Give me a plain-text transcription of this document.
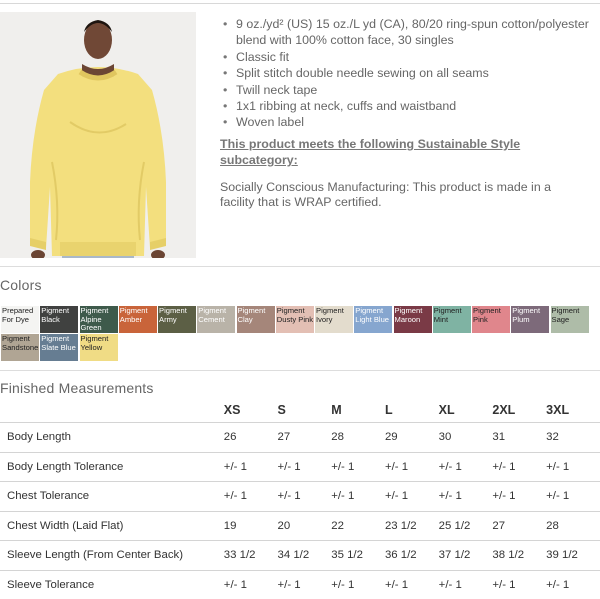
• 9 oz./yd² (US) 15 oz./L yd (CA), 80/20 ring-spun cotton/polyester blend with 100% cotton face, 30 singles
• Classic fit
• Split stitch double needle sewing on all seams
• Twill neck tape
• 1x1 ribbing at neck, cuffs and waistband
• Woven label
This product meets the following Sustainable Style subcategory:
Socially Conscious Manufacturing: This product is made in a facility that is WRAP certified.
Colors
Prepared For Dye
Pigment Black
Pigment Alpine Green
Pigment Amber
Pigment Army
Pigment Cement
Pigment Clay
Pigment Dusty Pink
Pigment Ivory
Pigment Light Blue
Pigment Maroon
Pigment Mint
Pigment Pink
Pigment Plum
Pigment Sage
Pigment Sandstone
Pigment Slate Blue
Pigment Yellow
Finished Measurements
	XS	S	M	L	XL	2XL	3XL
Body Length	26	27	28	29	30	31	32
Body Length Tolerance	+/- 1	+/- 1	+/- 1	+/- 1	+/- 1	+/- 1	+/- 1
Chest Tolerance	+/- 1	+/- 1	+/- 1	+/- 1	+/- 1	+/- 1	+/- 1
Chest Width (Laid Flat)	19	20	22	23 1/2	25 1/2	27	28
Sleeve Length (From Center Back)	33 1/2	34 1/2	35 1/2	36 1/2	37 1/2	38 1/2	39 1/2
Sleeve Tolerance	+/- 1	+/- 1	+/- 1	+/- 1	+/- 1	+/- 1	+/- 1
